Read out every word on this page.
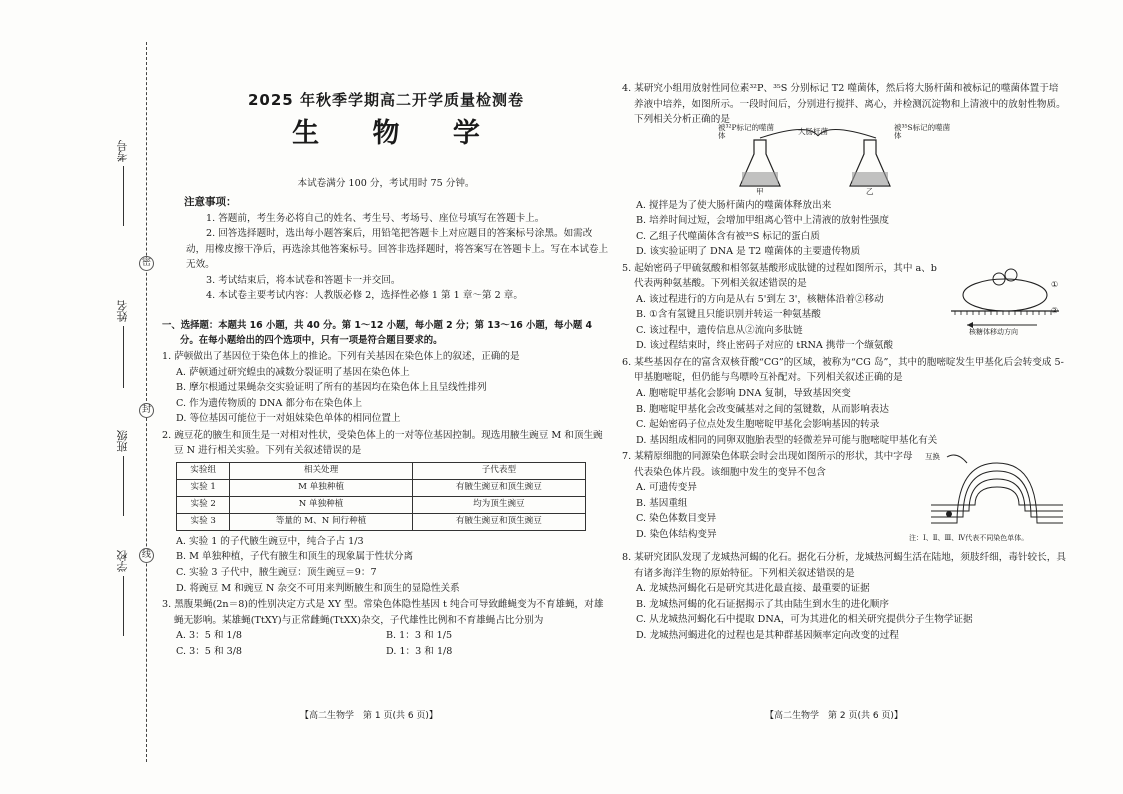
考号
姓名
班级
学校
密
封
线
2025 年秋季学期高二开学质量检测卷
生 物 学
本试卷满分 100 分，考试用时 75 分钟。
注意事项：
1. 答题前，考生务必将自己的姓名、考生号、考场号、座位号填写在答题卡上。
2. 回答选择题时，选出每小题答案后，用铅笔把答题卡上对应题目的答案标号涂黑。如需改动，用橡皮擦干净后，再选涂其他答案标号。回答非选择题时，将答案写在答题卡上。写在本试卷上无效。
3. 考试结束后，将本试卷和答题卡一并交回。
4. 本试卷主要考试内容：人教版必修 2，选择性必修 1 第 1 章～第 2 章。
一、选择题：本题共 16 小题，共 40 分。第 1～12 小题，每小题 2 分；第 13～16 小题，每小题 4
分。在每小题给出的四个选项中，只有一项是符合题目要求的。
1. 萨顿做出了基因位于染色体上的推论。下列有关基因在染色体上的叙述，正确的是
A. 萨顿通过研究蝗虫的减数分裂证明了基因在染色体上
B. 摩尔根通过果蝇杂交实验证明了所有的基因均在染色体上且呈线性排列
C. 作为遗传物质的 DNA 都分布在染色体上
D. 等位基因可能位于一对姐妹染色单体的相同位置上
2. 豌豆花的腋生和顶生是一对相对性状，受染色体上的一对等位基因控制。现选用腋生豌豆 M 和顶生豌豆 N 进行相关实验。下列有关叙述错误的是
实验组	相关处理	子代表型
实验 1	M 单独种植	有腋生豌豆和顶生豌豆
实验 2	N 单独种植	均为顶生豌豆
实验 3	等量的 M、N 间行种植	有腋生豌豆和顶生豌豆
A. 实验 1 的子代腋生豌豆中，纯合子占 1/3
B. M 单独种植，子代有腋生和顶生的现象属于性状分离
C. 实验 3 子代中，腋生豌豆：顶生豌豆＝9：7
D. 将豌豆 M 和豌豆 N 杂交不可用来判断腋生和顶生的显隐性关系
3. 黑腹果蝇(2n＝8)的性别决定方式是 XY 型。常染色体隐性基因 t 纯合可导致雌蝇变为不育雄蝇，对雄蝇无影响。某雄蝇(TtXY)与正常雌蝇(TtXX)杂交，子代雄性比例和不育雄蝇占比分别为
A. 3：5 和 1/8	B. 1：3 和 1/5
C. 3：5 和 3/8	D. 1：3 和 1/8
【高二生物学　第 1 页(共 6 页)】
4. 某研究小组用放射性同位素³²P、³⁵S 分别标记 T2 噬菌体，然后将大肠杆菌和被标记的噬菌体置于培养液中培养，如图所示。一段时间后，分别进行搅拌、离心，并检测沉淀物和上清液中的放射性物质。下列相关分析正确的是
被³²P标记的噬菌体
大肠杆菌	被³⁵S标记的噬菌体
甲	乙
A. 搅拌是为了使大肠杆菌内的噬菌体释放出来
B. 培养时间过短，会增加甲组离心管中上清液的放射性强度
C. 乙组子代噬菌体含有被³⁵S 标记的蛋白质
D. 该实验证明了 DNA 是 T2 噬菌体的主要遗传物质
5. 起始密码子甲硫氨酸和相邻氨基酸形成肽键的过程如图所示，其中 a、b 代表两种氨基酸。下列相关叙述错误的是
A. 该过程进行的方向是从右 5'到左 3'，核糖体沿着②移动
B. ①含有氢键且只能识别并转运一种氨基酸
C. 该过程中，遗传信息从②流向多肽链
D. 该过程结束时，终止密码子对应的 tRNA 携带一个缬氨酸
①
②
核糖体移动方向
6. 某些基因存在的富含双核苷酸“CG”的区域，被称为“CG 岛”，其中的胞嘧啶发生甲基化后会转变成 5-甲基胞嘧啶，但仍能与鸟嘌呤互补配对。下列相关叙述正确的是
A. 胞嘧啶甲基化会影响 DNA 复制，导致基因突变
B. 胞嘧啶甲基化会改变碱基对之间的氢键数，从而影响表达
C. 起始密码子位点处发生胞嘧啶甲基化会影响基因的转录
D. 基因组成相同的同卵双胞胎表型的轻微差异可能与胞嘧啶甲基化有关
7. 某精原细胞的同源染色体联会时会出现如图所示的形状，其中字母代表染色体片段。该细胞中发生的变异不包含
A. 可遗传变异
B. 基因重组
C. 染色体数目变异
D. 染色体结构变异
互换
注：Ⅰ、Ⅱ、Ⅲ、Ⅳ代表不同染色单体。
8. 某研究团队发现了龙城热河蝎的化石。据化石分析，龙城热河蝎生活在陆地，须肢纤细，毒针较长，具有诸多海洋生物的原始特征。下列相关叙述错误的是
A. 龙城热河蝎化石是研究其进化最直接、最重要的证据
B. 龙城热河蝎的化石证据揭示了其由陆生到水生的进化顺序
C. 从龙城热河蝎化石中提取 DNA，可为其进化的相关研究提供分子生物学证据
D. 龙城热河蝎进化的过程也是其种群基因频率定向改变的过程
【高二生物学　第 2 页(共 6 页)】
